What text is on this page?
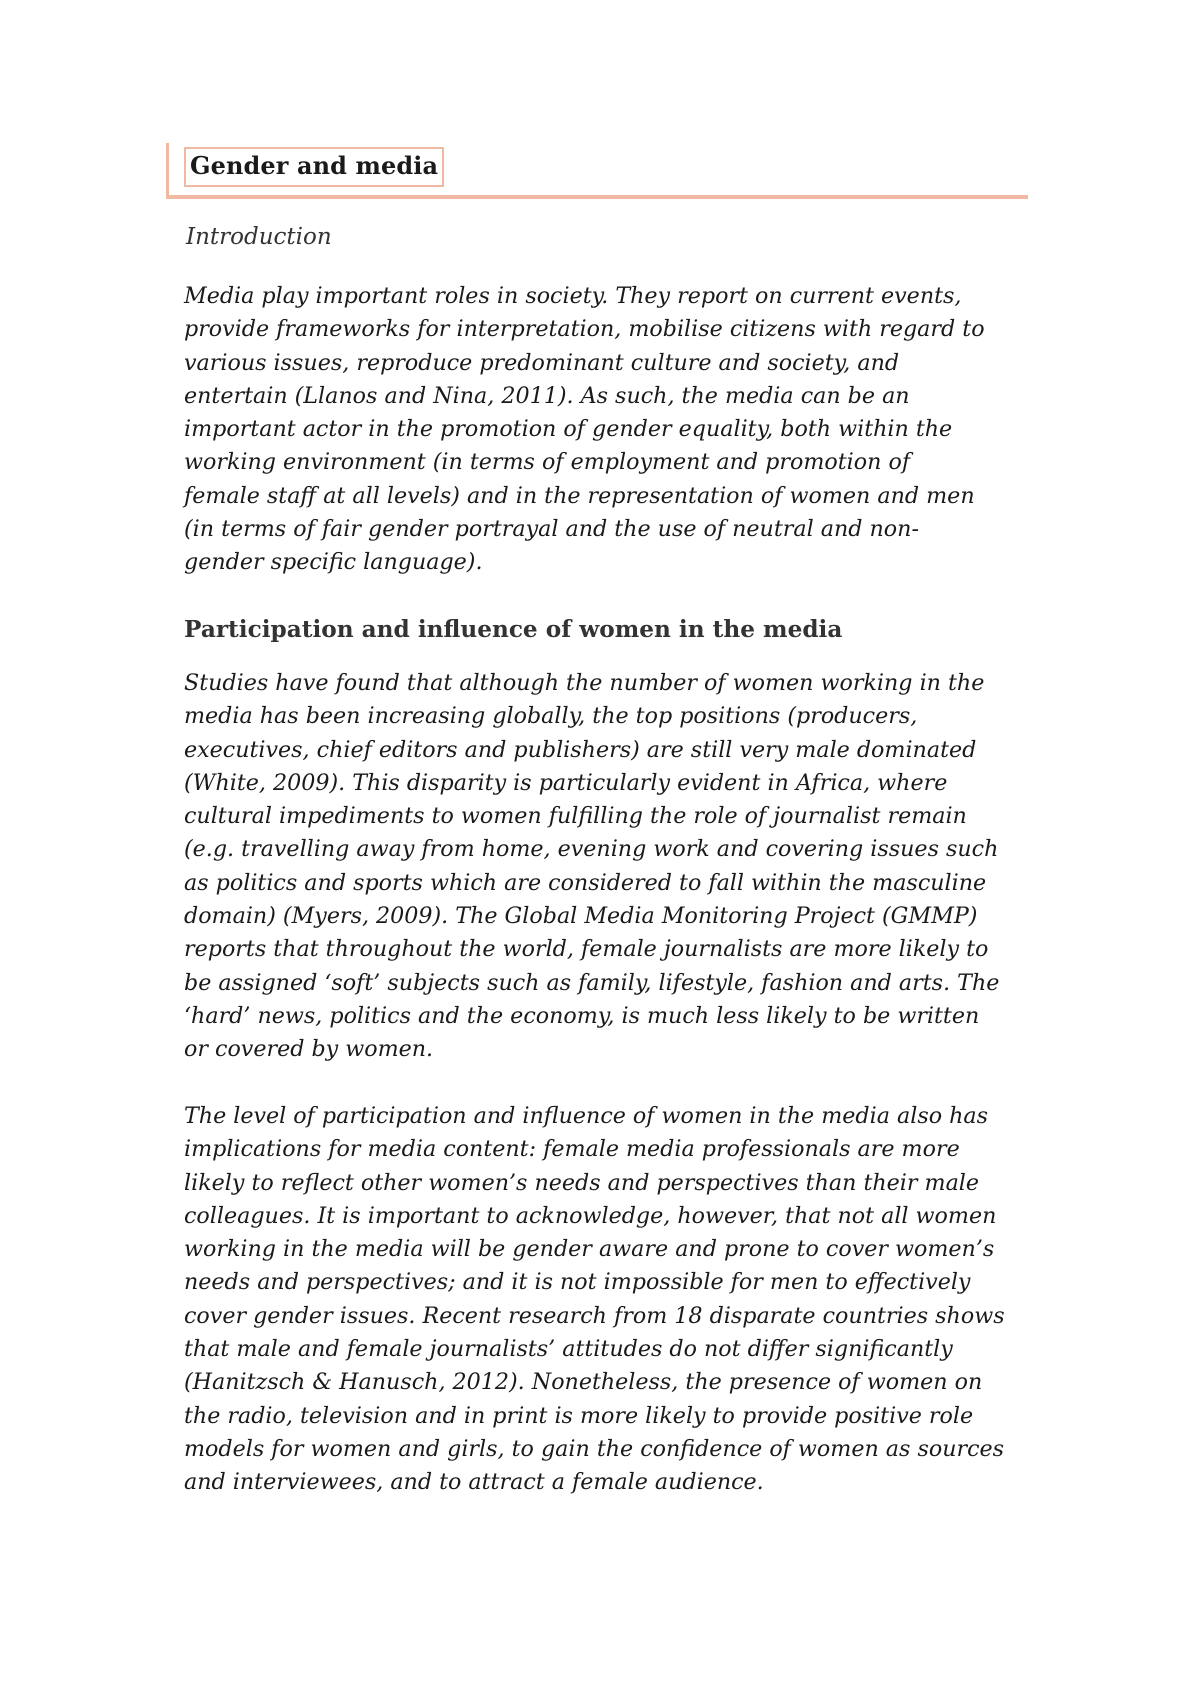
Gender and media
Introduction

Media play important roles in society. They report on current events,
provide frameworks for interpretation, mobilise citizens with regard to
various issues, reproduce predominant culture and society, and
entertain (Llanos and Nina, 2011). As such, the media can be an
important actor in the promotion of gender equality, both within the
working environment (in terms of employment and promotion of
female staff at all levels) and in the representation of women and men
(in terms of fair gender portrayal and the use of neutral and non-
gender specific language).

Participation and influence of women in the media

Studies have found that although the number of women working in the
media has been increasing globally, the top positions (producers,
executives, chief editors and publishers) are still very male dominated
(White, 2009). This disparity is particularly evident in Africa, where
cultural impediments to women fulfilling the role of journalist remain
(e.g. travelling away from home, evening work and covering issues such
as politics and sports which are considered to fall within the masculine
domain) (Myers, 2009). The Global Media Monitoring Project (GMMP)
reports that throughout the world, female journalists are more likely to
be assigned ‘soft’ subjects such as family, lifestyle, fashion and arts. The
‘hard’ news, politics and the economy, is much less likely to be written
or covered by women.

The level of participation and influence of women in the media also has
implications for media content: female media professionals are more
likely to reflect other women’s needs and perspectives than their male
colleagues. It is important to acknowledge, however, that not all women
working in the media will be gender aware and prone to cover women’s
needs and perspectives; and it is not impossible for men to effectively
cover gender issues. Recent research from 18 disparate countries shows
that male and female journalists’ attitudes do not differ significantly
(Hanitzsch & Hanusch, 2012). Nonetheless, the presence of women on
the radio, television and in print is more likely to provide positive role
models for women and girls, to gain the confidence of women as sources
and interviewees, and to attract a female audience.
